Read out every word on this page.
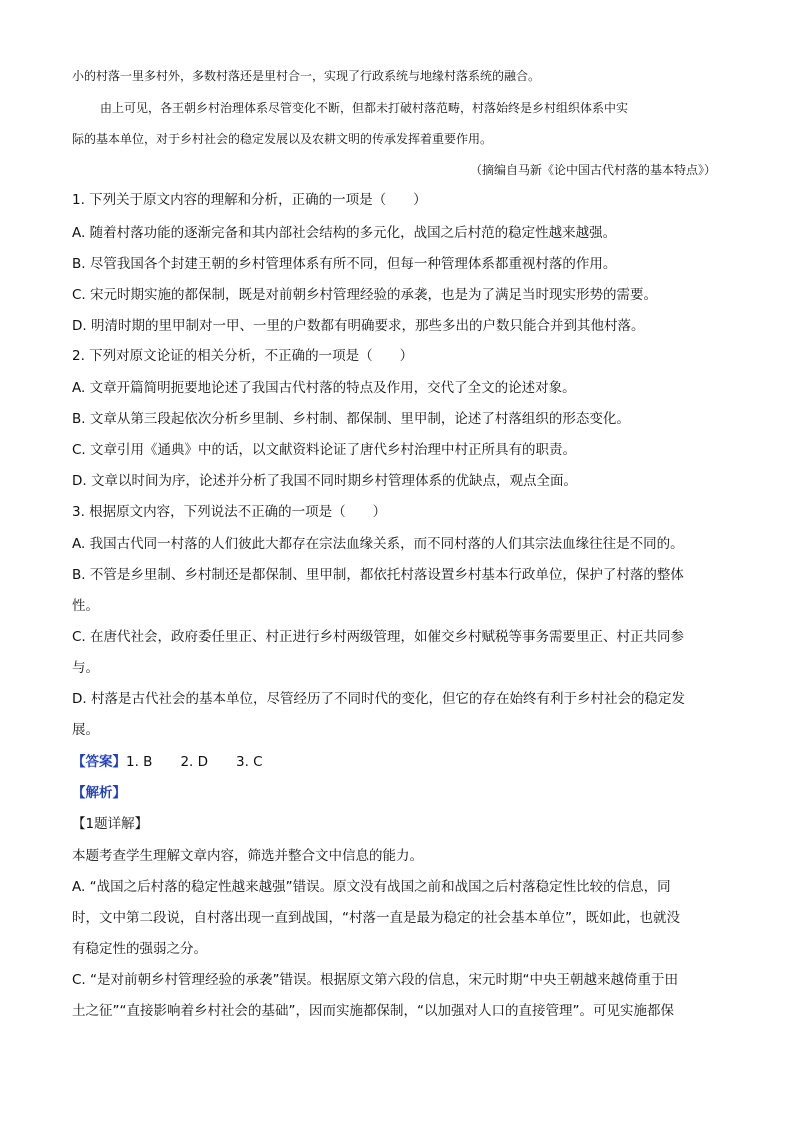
小的村落一里多村外，多数村落还是里村合一，实现了行政系统与地缘村落系统的融合。
由上可见，各王朝乡村治理体系尽管变化不断，但都未打破村落范畴，村落始终是乡村组织体系中实
际的基本单位，对于乡村社会的稳定发展以及农耕文明的传承发挥着重要作用。
（摘编自马新《论中国古代村落的基本特点》）
1. 下列关于原文内容的理解和分析，正确的一项是（　　）
A. 随着村落功能的逐渐完备和其内部社会结构的多元化，战国之后村范的稳定性越来越强。
B. 尽管我国各个封建王朝的乡村管理体系有所不同，但每一种管理体系都重视村落的作用。
C. 宋元时期实施的都保制，既是对前朝乡村管理经验的承袭，也是为了满足当时现实形势的需要。
D. 明清时期的里甲制对一甲、一里的户数都有明确要求，那些多出的户数只能合并到其他村落。
2. 下列对原文论证的相关分析，不正确的一项是（　　）
A. 文章开篇简明扼要地论述了我国古代村落的特点及作用，交代了全文的论述对象。
B. 文章从第三段起依次分析乡里制、乡村制、都保制、里甲制，论述了村落组织的形态变化。
C. 文章引用《通典》中的话，以文献资料论证了唐代乡村治理中村正所具有的职责。
D. 文章以时间为序，论述并分析了我国不同时期乡村管理体系的优缺点，观点全面。
3. 根据原文内容，下列说法不正确的一项是（　　）
A. 我国古代同一村落的人们彼此大都存在宗法血缘关系，而不同村落的人们其宗法血缘往往是不同的。
B. 不管是乡里制、乡村制还是都保制、里甲制，都依托村落设置乡村基本行政单位，保护了村落的整体
性。
C. 在唐代社会，政府委任里正、村正进行乡村两级管理，如催交乡村赋税等事务需要里正、村正共同参
与。
D. 村落是古代社会的基本单位，尽管经历了不同时代的变化，但它的存在始终有利于乡村社会的稳定发
展。
【答案】1. B 2. D 3. C
【解析】
【1题详解】
本题考查学生理解文章内容，筛选并整合文中信息的能力。
A. “战国之后村落的稳定性越来越强”错误。原文没有战国之前和战国之后村落稳定性比较的信息，同
时，文中第二段说，自村落出现一直到战国，“村落一直是最为稳定的社会基本单位”，既如此，也就没
有稳定性的强弱之分。
C. “是对前朝乡村管理经验的承袭”错误。根据原文第六段的信息，宋元时期“中央王朝越来越倚重于田
土之征”“直接影响着乡村社会的基础”，因而实施都保制，“以加强对人口的直接管理”。可见实施都保
